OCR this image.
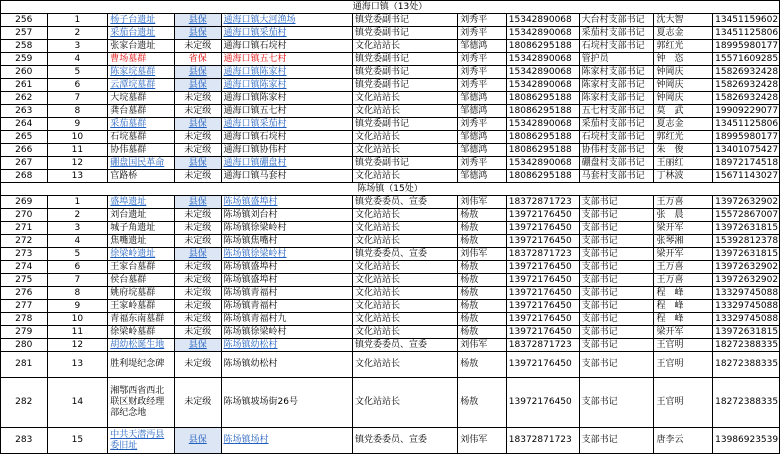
通海口镇（13处）										
256	1	杨子台遗址	县保	通海口镇大河渔场	镇党委副书记	刘秀平	15342890068	大台村支部书记	沈大智	13451159602
257	2	采茄台遗址	县保	通海口镇采茄村	镇党委副书记	刘秀平	15342890068	采茄村支部书记	夏志金	13451125806
258	3	张家台遗址	未定级	通海口镇石垸村	文化站站长	邹德鸿	18086295188	石垸村支部书记	郭红光	18995980177
259	4	曹场墓群	省保	通海口镇五七村	镇党委副书记	刘秀平	15342890068	管护员	钟　恣	15571609285
260	5	陈家垸墓群	县保	通海口镇陈家村	镇党委副书记	刘秀平	15342890068	陈家村支部书记	钟岡庆	15826932428
261	6	云潭垸墓群	县保	通海口镇陈家村	镇党委副书记	刘秀平	15342890068	陈家村支部书记	钟岡庆	15826932428
262	7	大垸墓群	未定级	通海口镇陈家村	文化站站长	邹德鸿	18086295188	陈家村支部书记	钟岡庆	15826932428
263	8	龚台墓群	未定级	通海口镇五七村	文化站站长	邹德鸿	18086295188	五七村支部书记	莫　武	19909229077
264	9	采茄墓群	县保	通海口镇采茄村	镇党委副书记	刘秀平	15342890068	采茄村支部书记	夏志金	13451125806
265	10	石垸墓群	未定级	通海口镇石垸村	文化站站长	邹德鸿	18086295188	石垸村支部书记	郭红光	18995980177
266	11	协伟墓群	未定级	通海口镇协伟村	文化站站长	邹德鸿	18086295188	协伟村支部书记	朱　俊	13401075427
267	12	硼盘国民革命	县保	通海口镇硼盘村	镇党委副书记	刘秀平	15342890068	硼盘村支部书记	王丽红	18972174518
268	13	官路桥	未定级	通海口镇马套村	文化站站长	邹德鸿	18086295188	马套村支部书记	丁林波	15671143027
陈场镇（15处）										
269	1	盛埠遗址	县保	陈场镇盛埠村	镇党委委员、宣委	刘伟军	18372871723	支部书记	王万喜	13972632902
270	2	刘台遗址	未定级	陈场镇刘台村	文化站站长	杨敖	13972176450	支部书记	张　晨	15572867007
271	3	城子角遗址	未定级	陈场镇徐梁岭村	文化站站长	杨敖	13972176450	支部书记	梁开军	13972631815
272	4	焦嘴遗址	未定级	陈场镇焦嘴村	文化站站长	杨敖	13972176450	支部书记	张琴湘	15392812378
273	5	徐梁岭遗址	县保	陈场镇徐梁岭村	镇党委委员、宣委	刘伟军	18372871723	支部书记	梁开军	13972631815
274	6	王家台墓群	未定级	陈场镇盛埠村	文化站站长	杨敖	13972176450	支部书记	王万喜	13972632902
275	7	侯台墓群	未定级	陈场镇盛埠村	文化站站长	杨敖	13972176450	支部书记	王万喜	13972632902
276	8	姚府垸墓群	未定级	陈场镇青福村	文化站站长	杨敖	13972176450	支部书记	程　峰	13329745088
277	9	王家岭墓群	未定级	陈场镇青福村	文化站站长	杨敖	13972176450	支部书记	程　峰	13329745088
278	10	青福东南墓群	未定级	陈场镇青福村九	文化站站长	杨敖	13972176450	支部书记	程　峰	13329745088
279	11	徐梁岭墓群	未定级	陈场镇徐梁岭村	文化站站长	杨敖	13972176450	支部书记	梁开军	13972631815
280	12	胡幼松诞生地	县保	陈场镇幼松村	镇党委委员、宣委	刘伟军	18372871723	支部书记	王官明	18272388335
281	13	胜利堤纪念碑	未定级	陈场镇幼松村	文化站站长	杨敖	13972176450	支部书记	王官明	18272388335
282	14	湘鄂西省西北联区财政经理部纪念地	未定级	陈场镇坡场街26号	文化站站长	杨敖	13972176450	支部书记	王官明	18272388335
283	15	中共天潜沔县委旧址	县保	陈场镇场村	镇党委委员、宣委	刘伟军	18372871723	支部书记	唐李云	13986923539
